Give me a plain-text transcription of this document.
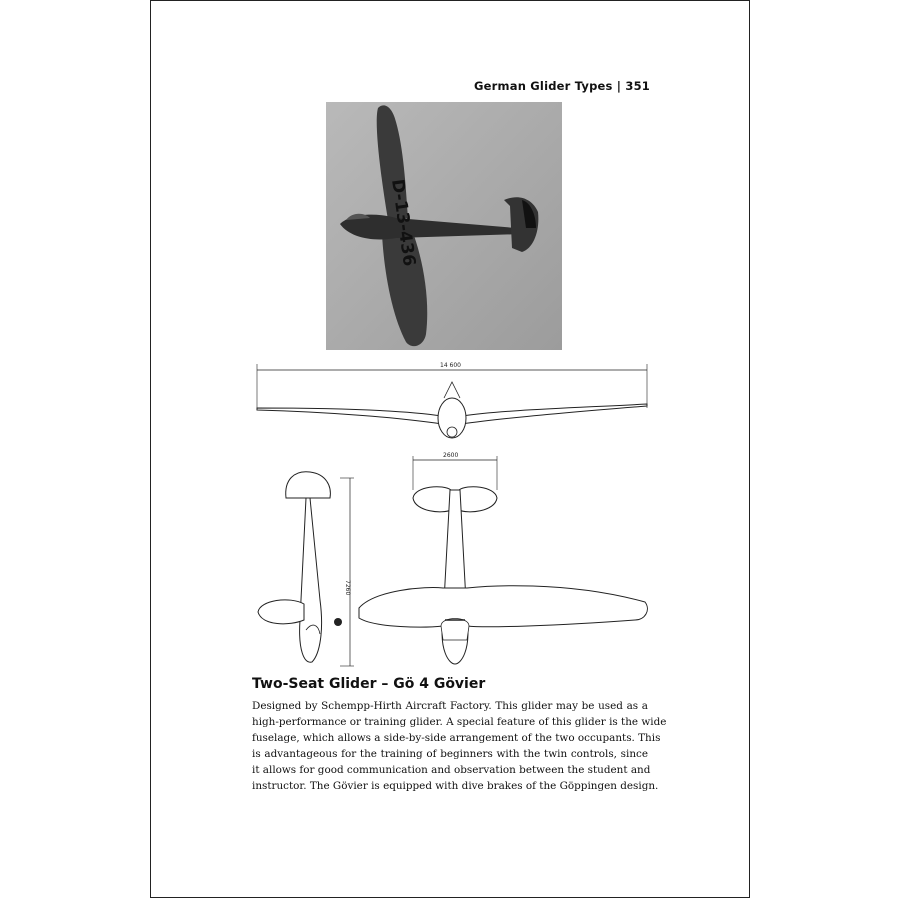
German Glider Types | 351
D-13-436
14 600
7260
2600
Two-Seat Glider – Gö 4 Gövier

Designed by Schempp-Hirth Aircraft Factory. This glider may be used as a
high-performance or training glider. A special feature of this glider is the wide
fuselage, which allows a side-by-side arrangement of the two occupants. This
is advantageous for the training of beginners with the twin controls, since
it allows for good communication and observation between the student and
instructor. The Gövier is equipped with dive brakes of the Göppingen design.
